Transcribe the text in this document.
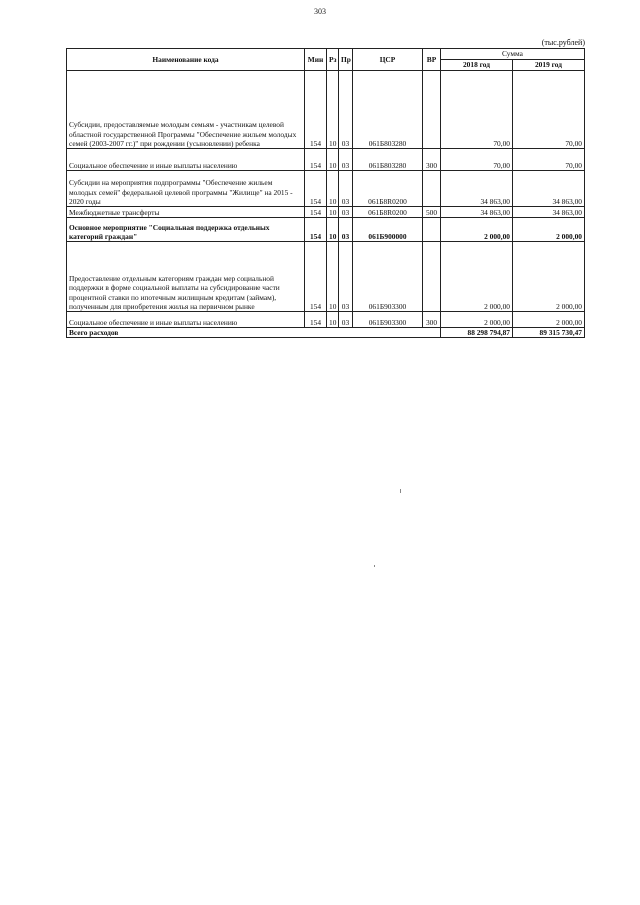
303
(тыс.рублей)
Наименование кода	Мин	Рз	Пр	ЦСР	ВР	Сумма	
						2018 год	2019 год
Субсидии, предоставляемые молодым семьям - участникам целевой областной государственной Программы "Обеспечение жильем молодых семей (2003-2007 гг.)" при рождении (усыновлении) ребенка	154	10	03	061Б803280		70,00	70,00
Социальное обеспечение и иные выплаты населению	154	10	03	061Б803280	300	70,00	70,00
Субсидии на мероприятия подпрограммы "Обеспечение жильем молодых семей" федеральной целевой программы "Жилище" на 2015 - 2020 годы	154	10	03	061Б8R0200		34 863,00	34 863,00
Межбюджетные трансферты	154	10	03	061Б8R0200	500	34 863,00	34 863,00
Основное мероприятие "Социальная поддержка отдельных категорий граждан"	154	10	03	061Б900000		2 000,00	2 000,00
Предоставление отдельным категориям граждан мер социальной поддержки в форме социальной выплаты на субсидирование части процентной ставки по ипотечным жилищным кредитам (займам), полученным для приобретения жилья на первичном рынке	154	10	03	061Б903300		2 000,00	2 000,00
Социальное обеспечение и иные выплаты населению	154	10	03	061Б903300	300	2 000,00	2 000,00
Всего расходов						88 298 794,87	89 315 730,47
